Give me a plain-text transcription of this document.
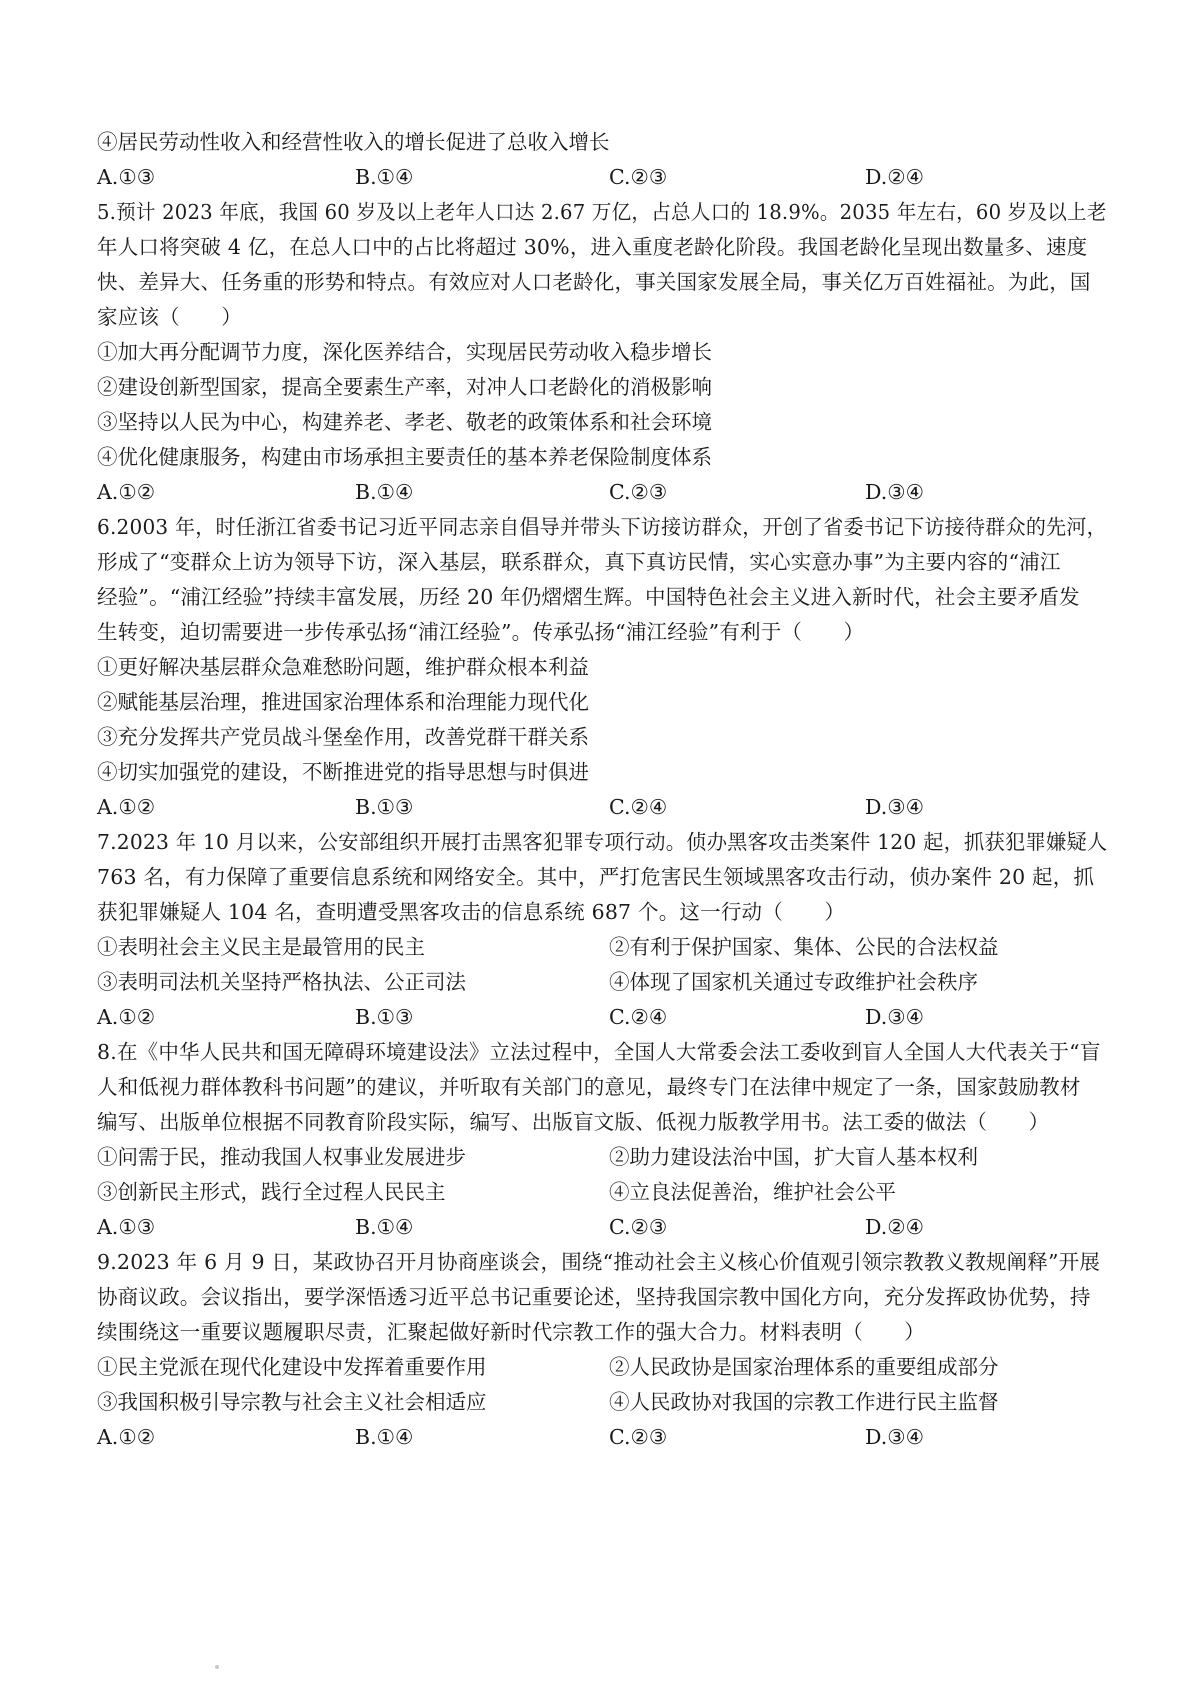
④居民劳动性收入和经营性收入的增长促进了总收入增长
A.①③	B.①④	C.②③	D.②④
5.预计 2023 年底，我国 60 岁及以上老年人口达 2.67 万亿，占总人口的 18.9%。2035 年左右，60 岁及以上老
年人口将突破 4 亿，在总人口中的占比将超过 30%，进入重度老龄化阶段。我国老龄化呈现出数量多、速度
快、差异大、任务重的形势和特点。有效应对人口老龄化，事关国家发展全局，事关亿万百姓福祉。为此，国
家应该（　　）
①加大再分配调节力度，深化医养结合，实现居民劳动收入稳步增长
②建设创新型国家，提高全要素生产率，对冲人口老龄化的消极影响
③坚持以人民为中心，构建养老、孝老、敬老的政策体系和社会环境
④优化健康服务，构建由市场承担主要责任的基本养老保险制度体系
A.①②	B.①④	C.②③	D.③④
6.2003 年，时任浙江省委书记习近平同志亲自倡导并带头下访接访群众，开创了省委书记下访接待群众的先河，
形成了“变群众上访为领导下访，深入基层，联系群众，真下真访民情，实心实意办事”为主要内容的“浦江
经验”。“浦江经验”持续丰富发展，历经 20 年仍熠熠生辉。中国特色社会主义进入新时代，社会主要矛盾发
生转变，迫切需要进一步传承弘扬“浦江经验”。传承弘扬“浦江经验”有利于（　　）
①更好解决基层群众急难愁盼问题，维护群众根本利益
②赋能基层治理，推进国家治理体系和治理能力现代化
③充分发挥共产党员战斗堡垒作用，改善党群干群关系
④切实加强党的建设，不断推进党的指导思想与时俱进
A.①②	B.①③	C.②④	D.③④
7.2023 年 10 月以来，公安部组织开展打击黑客犯罪专项行动。侦办黑客攻击类案件 120 起，抓获犯罪嫌疑人
763 名，有力保障了重要信息系统和网络安全。其中，严打危害民生领域黑客攻击行动，侦办案件 20 起，抓
获犯罪嫌疑人 104 名，查明遭受黑客攻击的信息系统 687 个。这一行动（　　）
①表明社会主义民主是最管用的民主	②有利于保护国家、集体、公民的合法权益
③表明司法机关坚持严格执法、公正司法	④体现了国家机关通过专政维护社会秩序
A.①②	B.①③	C.②④	D.③④
8.在《中华人民共和国无障碍环境建设法》立法过程中，全国人大常委会法工委收到盲人全国人大代表关于“盲
人和低视力群体教科书问题”的建议，并听取有关部门的意见，最终专门在法律中规定了一条，国家鼓励教材
编写、出版单位根据不同教育阶段实际，编写、出版盲文版、低视力版教学用书。法工委的做法（　　）
①问需于民，推动我国人权事业发展进步	②助力建设法治中国，扩大盲人基本权利
③创新民主形式，践行全过程人民民主	④立良法促善治，维护社会公平
A.①③	B.①④	C.②③	D.②④
9.2023 年 6 月 9 日，某政协召开月协商座谈会，围绕“推动社会主义核心价值观引领宗教教义教规阐释”开展
协商议政。会议指出，要学深悟透习近平总书记重要论述，坚持我国宗教中国化方向，充分发挥政协优势，持
续围绕这一重要议题履职尽责，汇聚起做好新时代宗教工作的强大合力。材料表明（　　）
①民主党派在现代化建设中发挥着重要作用	②人民政协是国家治理体系的重要组成部分
③我国积极引导宗教与社会主义社会相适应	④人民政协对我国的宗教工作进行民主监督
A.①②	B.①④	C.②③	D.③④
